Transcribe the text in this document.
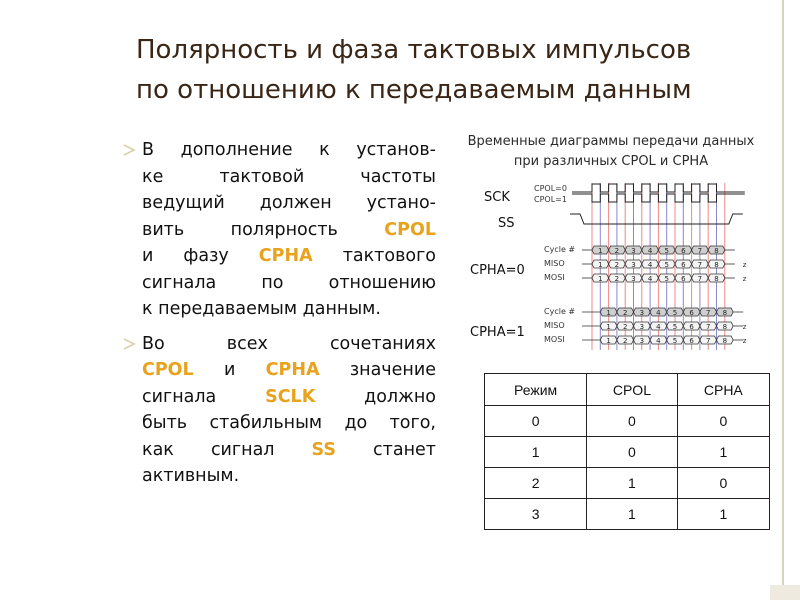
Полярность и фаза тактовых импульсов
по отношению к передаваемым данным
В дополнение к установ-
ке	тактовой	частоты
ведущий должен устано-
вить	полярность	CPOL
и фазу CPHA тактового
сигнала	по	отношению
к передаваемым данным.
Во	всех	сочетаниях
CPOL и CPHA значение
сигнала	SCLK	должно
быть стабильным до того,
как сигнал SS станет
активным.
Временные диаграммы передачи данных
при различных CPOL и CPHA
SCK
CPOL=0
CPOL=1
SS
CPHA=0
CPHA=1
Cycle #	1 2 3 4 5 6 7 8
MISO	1 2 3 4 5 6 7 8	z
MOSI	1 2 3 4 5 6 7 8	z
Cycle #	1 2 3 4 5 6 7 8
MISO	1 2 3 4 5 6 7 8 z
MOSI	1 2 3 4 5 6 7 8 z
Режим	CPOL	CPHA
0	0	0
1	0	1
2	1	0
3	1	1
